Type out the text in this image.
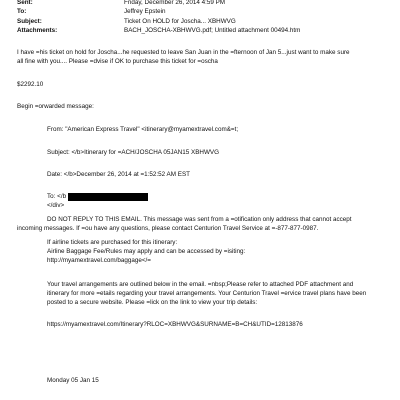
Sent:	Friday, December 26, 2014 4:59 PM
To:	Jeffrey Epstein
Subject:	Ticket On HOLD for Joscha... XBHWVG
Attachments:	BACH_JOSCHA-XBHWVG.pdf; Untitled attachment 00494.htm
I have =his ticket on hold for Joscha...he requested to leave San Juan in the =fternoon of Jan 5...just want to make sure
all fine with you.... Please =dvise if OK to purchase this ticket for =oscha
$2292.10
Begin =orwarded message:
From: "American Express Travel" <itinerary@myamextravel.com&=t;
Subject: </b>Itinerary for =ACH/JOSCHA 05JAN15 XBHWVG
Date: </b>December 26, 2014 at =1:52:52 AM EST
To: </b
</div>
DO NOT REPLY TO THIS EMAIL. This message was sent from a =otification only address that cannot accept
incoming messages. If =ou have any questions, please contact Centurion Travel Service at =-877-877-0987.
If airline tickets are purchased for this itinerary:
Airline Baggage Fee/Rules may apply and can be accessed by =isiting:
http://myamextravel.com/baggage</=
Your travel arrangements are outlined below in the email. =nbsp;Please refer to attached PDF attachment and
itinerary for more =etails regarding your travel arrangements. Your Centurion Travel =ervice travel plans have been
posted to a secure website. Please =lick on the link to view your trip details:
https://myamextravel.com/Itinerary?RLOC=XBHWVG&SURNAME=B=CH&UTID=12813876
Monday 05 Jan 15
